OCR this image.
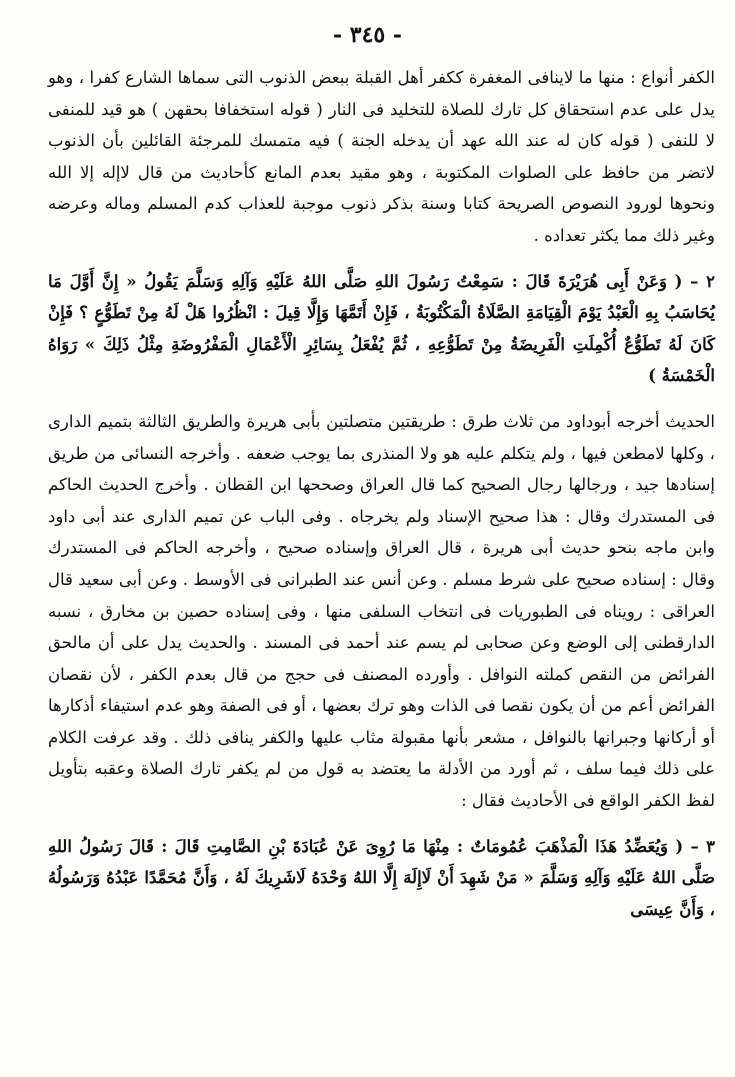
- ٣٤٥ -

الكفر أنواع : منها ما لاينافى المغفرة ككفر أهل القبلة ببعض الذنوب التى سماها الشارع كفرا ، وهو يدل على عدم استحقاق كل تارك للصلاة للتخليد فى النار ( قوله استخفافا بحقهن ) هو قيد للمنفى لا للنفى ( قوله كان له عند الله عهد أن يدخله الجنة ) فيه متمسك للمرجئة القائلين بأن الذنوب لاتضر من حافظ على الصلوات المكتوبة ، وهو مقيد بعدم المانع كأحاديث من قال لاإله إلا الله ونحوها لورود النصوص الصريحة كتابا وسنة بذكر ذنوب موجبة للعذاب كدم المسلم وماله وعرضه وغير ذلك مما يكثر تعداده .

٢ – ( وَعَنْ أَبِى هُرَيْرَةَ قَالَ : سَمِعْتُ رَسُولَ اللهِ صَلَّى اللهُ عَلَيْهِ وَآلِهِ وَسَلَّمَ يَقُولُ « إِنَّ أَوَّلَ مَا يُحَاسَبُ بِهِ الْعَبْدُ يَوْمَ الْقِيَامَةِ الصَّلَاةُ الْمَكْتُوبَةُ ، فَإِنْ أَتَمَّهَا وَإِلَّا قِيلَ : انْظُرُوا هَلْ لَهُ مِنْ تَطَوُّعٍ ؟ فَإِنْ كَانَ لَهُ تَطَوُّعٌ أُكْمِلَتِ الْفَرِيضَةُ مِنْ تَطَوُّعِهِ ، ثُمَّ يُفْعَلُ بِسَائِرِ الْأَعْمَالِ الْمَفْرُوضَةِ مِثْلُ ذَلِكَ » رَوَاهُ الْخَمْسَةُ )

الحديث أخرجه أبوداود من ثلاث طرق : طريقتين متصلتين بأبى هريرة والطريق الثالثة بتميم الدارى ، وكلها لامطعن فيها ، ولم يتكلم عليه هو ولا المنذرى بما يوجب ضعفه . وأخرجه النسائى من طريق إسنادها جيد ، ورجالها رجال الصحيح كما قال العراق وصححها ابن القطان . وأخرج الحديث الحاكم فى المستدرك وقال : هذا صحيح الإسناد ولم يخرجاه . وفى الباب عن تميم الدارى عند أبى داود وابن ماجه بنحو حديث أبى هريرة ، قال العراق وإسناده صحيح ، وأخرجه الحاكم فى المستدرك وقال : إسناده صحيح على شرط مسلم . وعن أنس عند الطبرانى فى الأوسط . وعن أبى سعيد قال العراقى : رويناه فى الطبوريات فى انتخاب السلفى منها ، وفى إسناده حصين بن مخارق ، نسبه الدارقطنى إلى الوضع وعن صحابى لم يسم عند أحمد فى المسند . والحديث يدل على أن مالحق الفرائض من النقص كملته النوافل . وأورده المصنف فى حجج من قال بعدم الكفر ، لأن نقصان الفرائض أعم من أن يكون نقصا فى الذات وهو ترك بعضها ، أو فى الصفة وهو عدم استيفاء أذكارها أو أركانها وجبرانها بالنوافل ، مشعر بأنها مقبولة مثاب عليها والكفر ينافى ذلك . وقد عرفت الكلام على ذلك فيما سلف ، ثم أورد من الأدلة ما يعتضد به قول من لم يكفر تارك الصلاة وعقبه بتأويل لفظ الكفر الواقع فى الأحاديث فقال :

٣ – ( وَيُعَضِّدُ هَذَا الْمَذْهَبَ عُمُومَاتٌ : مِنْهَا مَا رُوِىَ عَنْ عُبَادَةَ بْنِ الصَّامِتِ قَالَ : قَالَ رَسُولُ اللهِ صَلَّى اللهُ عَلَيْهِ وَآلِهِ وَسَلَّمَ « مَنْ شَهِدَ أَنْ لَاإِلَهَ إِلَّا اللهُ وَحْدَهُ لَاشَرِيكَ لَهُ ، وَأَنَّ مُحَمَّدًا عَبْدُهُ وَرَسُولُهُ ، وَأَنَّ عِيسَى
